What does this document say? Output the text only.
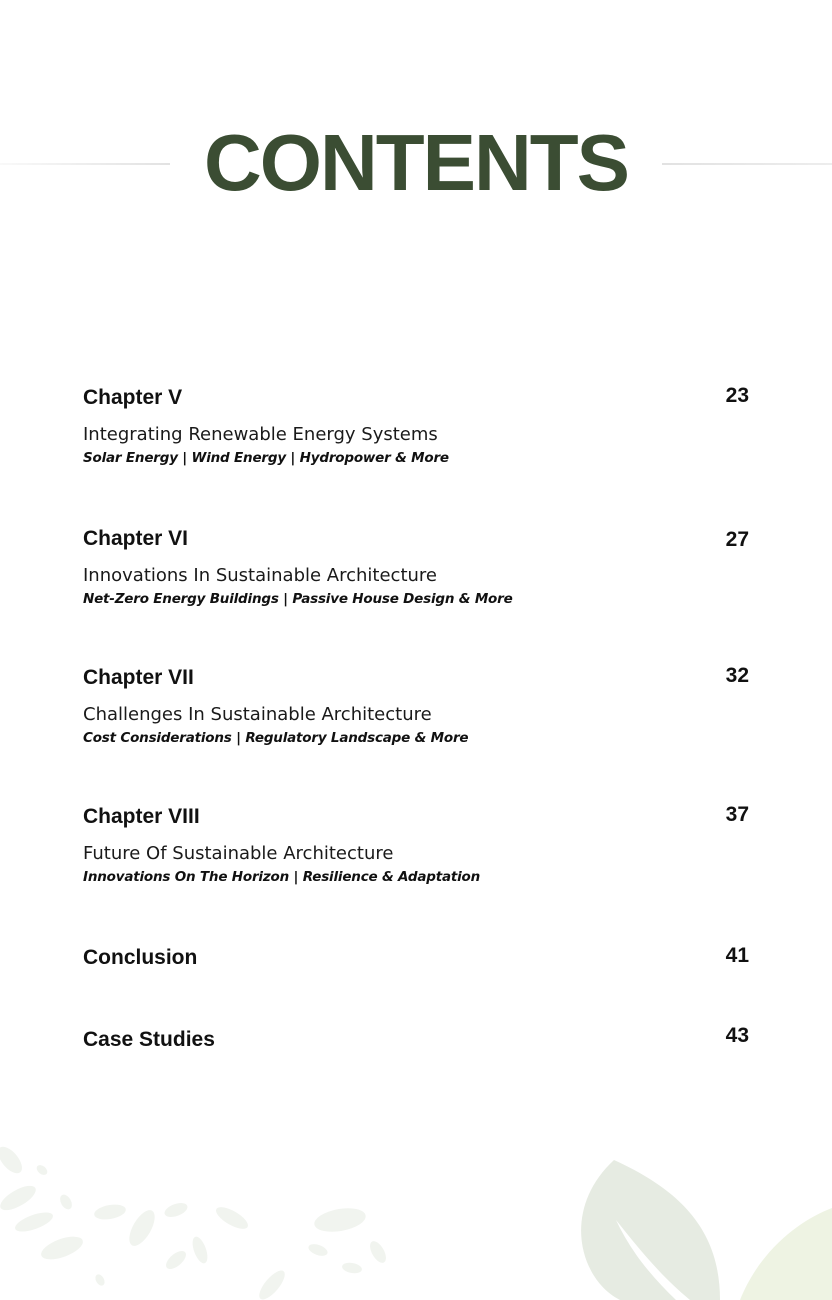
CONTENTS
23
Chapter V
Integrating Renewable Energy Systems
Solar Energy | Wind Energy | Hydropower & More
27
Chapter VI
Innovations In Sustainable Architecture
Net-Zero Energy Buildings | Passive House Design & More
32
Chapter VII
Challenges In Sustainable Architecture
Cost Considerations | Regulatory Landscape & More
37
Chapter VIII
Future Of Sustainable Architecture
Innovations On The Horizon | Resilience & Adaptation
41
Conclusion
43
Case Studies
